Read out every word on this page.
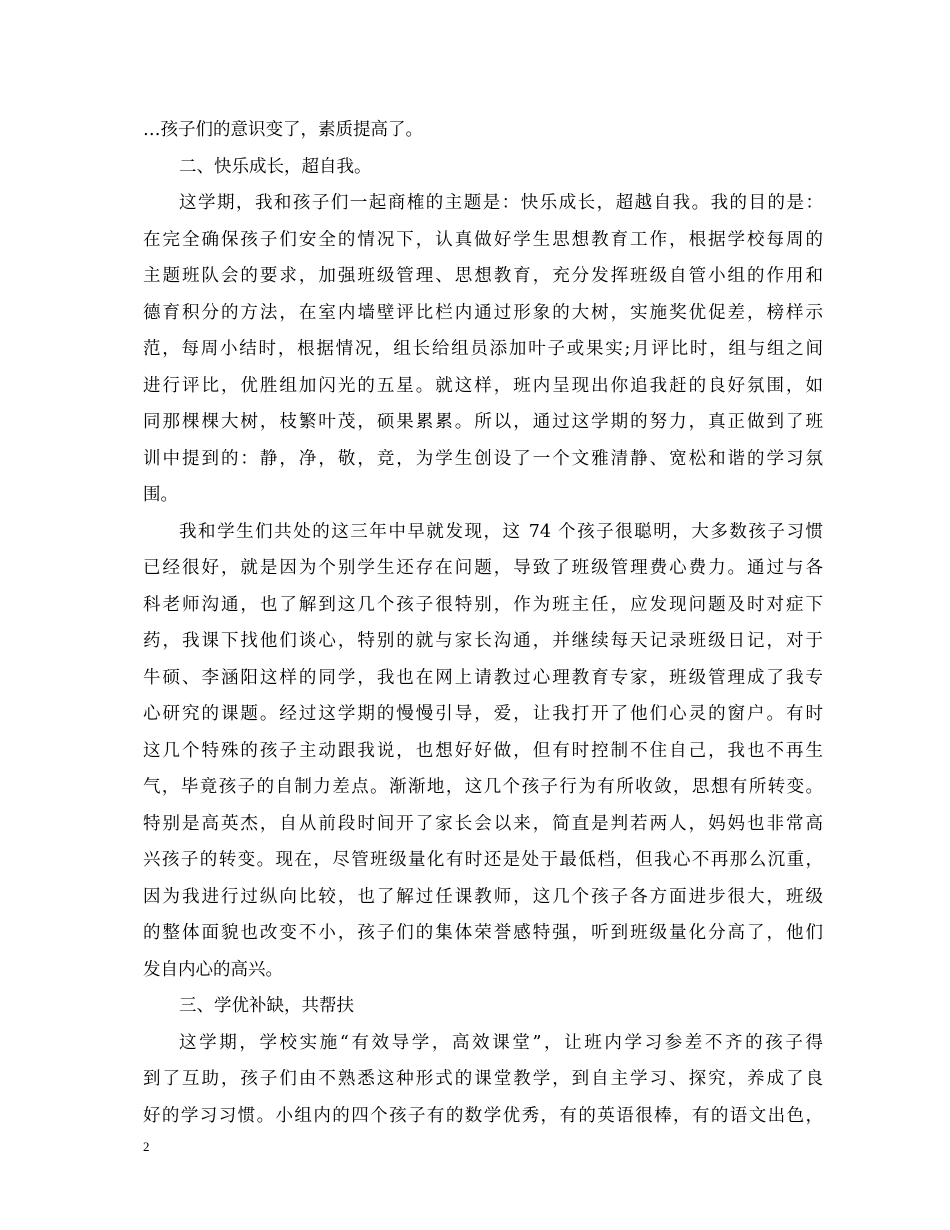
…孩子们的意识变了，素质提高了。
二、快乐成长，超自我。
这学期，我和孩子们一起商榷的主题是：快乐成长，超越自我。我的目的是：
在完全确保孩子们安全的情况下，认真做好学生思想教育工作，根据学校每周的
主题班队会的要求，加强班级管理、思想教育，充分发挥班级自管小组的作用和
德育积分的方法，在室内墙壁评比栏内通过形象的大树，实施奖优促差，榜样示
范，每周小结时，根据情况，组长给组员添加叶子或果实;月评比时，组与组之间
进行评比，优胜组加闪光的五星。就这样，班内呈现出你追我赶的良好氛围，如
同那棵棵大树，枝繁叶茂，硕果累累。所以，通过这学期的努力，真正做到了班
训中提到的：静，净，敬，竞，为学生创设了一个文雅清静、宽松和谐的学习氛
围。
我和学生们共处的这三年中早就发现，这 74 个孩子很聪明，大多数孩子习惯
已经很好，就是因为个别学生还存在问题，导致了班级管理费心费力。通过与各
科老师沟通，也了解到这几个孩子很特别，作为班主任，应发现问题及时对症下
药，我课下找他们谈心，特别的就与家长沟通，并继续每天记录班级日记，对于
牛硕、李涵阳这样的同学，我也在网上请教过心理教育专家，班级管理成了我专
心研究的课题。经过这学期的慢慢引导，爱，让我打开了他们心灵的窗户。有时
这几个特殊的孩子主动跟我说，也想好好做，但有时控制不住自己，我也不再生
气，毕竟孩子的自制力差点。渐渐地，这几个孩子行为有所收敛，思想有所转变。
特别是高英杰，自从前段时间开了家长会以来，简直是判若两人，妈妈也非常高
兴孩子的转变。现在，尽管班级量化有时还是处于最低档，但我心不再那么沉重，
因为我进行过纵向比较，也了解过任课教师，这几个孩子各方面进步很大，班级
的整体面貌也改变不小，孩子们的集体荣誉感特强，听到班级量化分高了，他们
发自内心的高兴。
三、学优补缺，共帮扶
这学期，学校实施“有效导学，高效课堂”，让班内学习参差不齐的孩子得
到了互助，孩子们由不熟悉这种形式的课堂教学，到自主学习、探究，养成了良
好的学习习惯。小组内的四个孩子有的数学优秀，有的英语很棒，有的语文出色，
2
